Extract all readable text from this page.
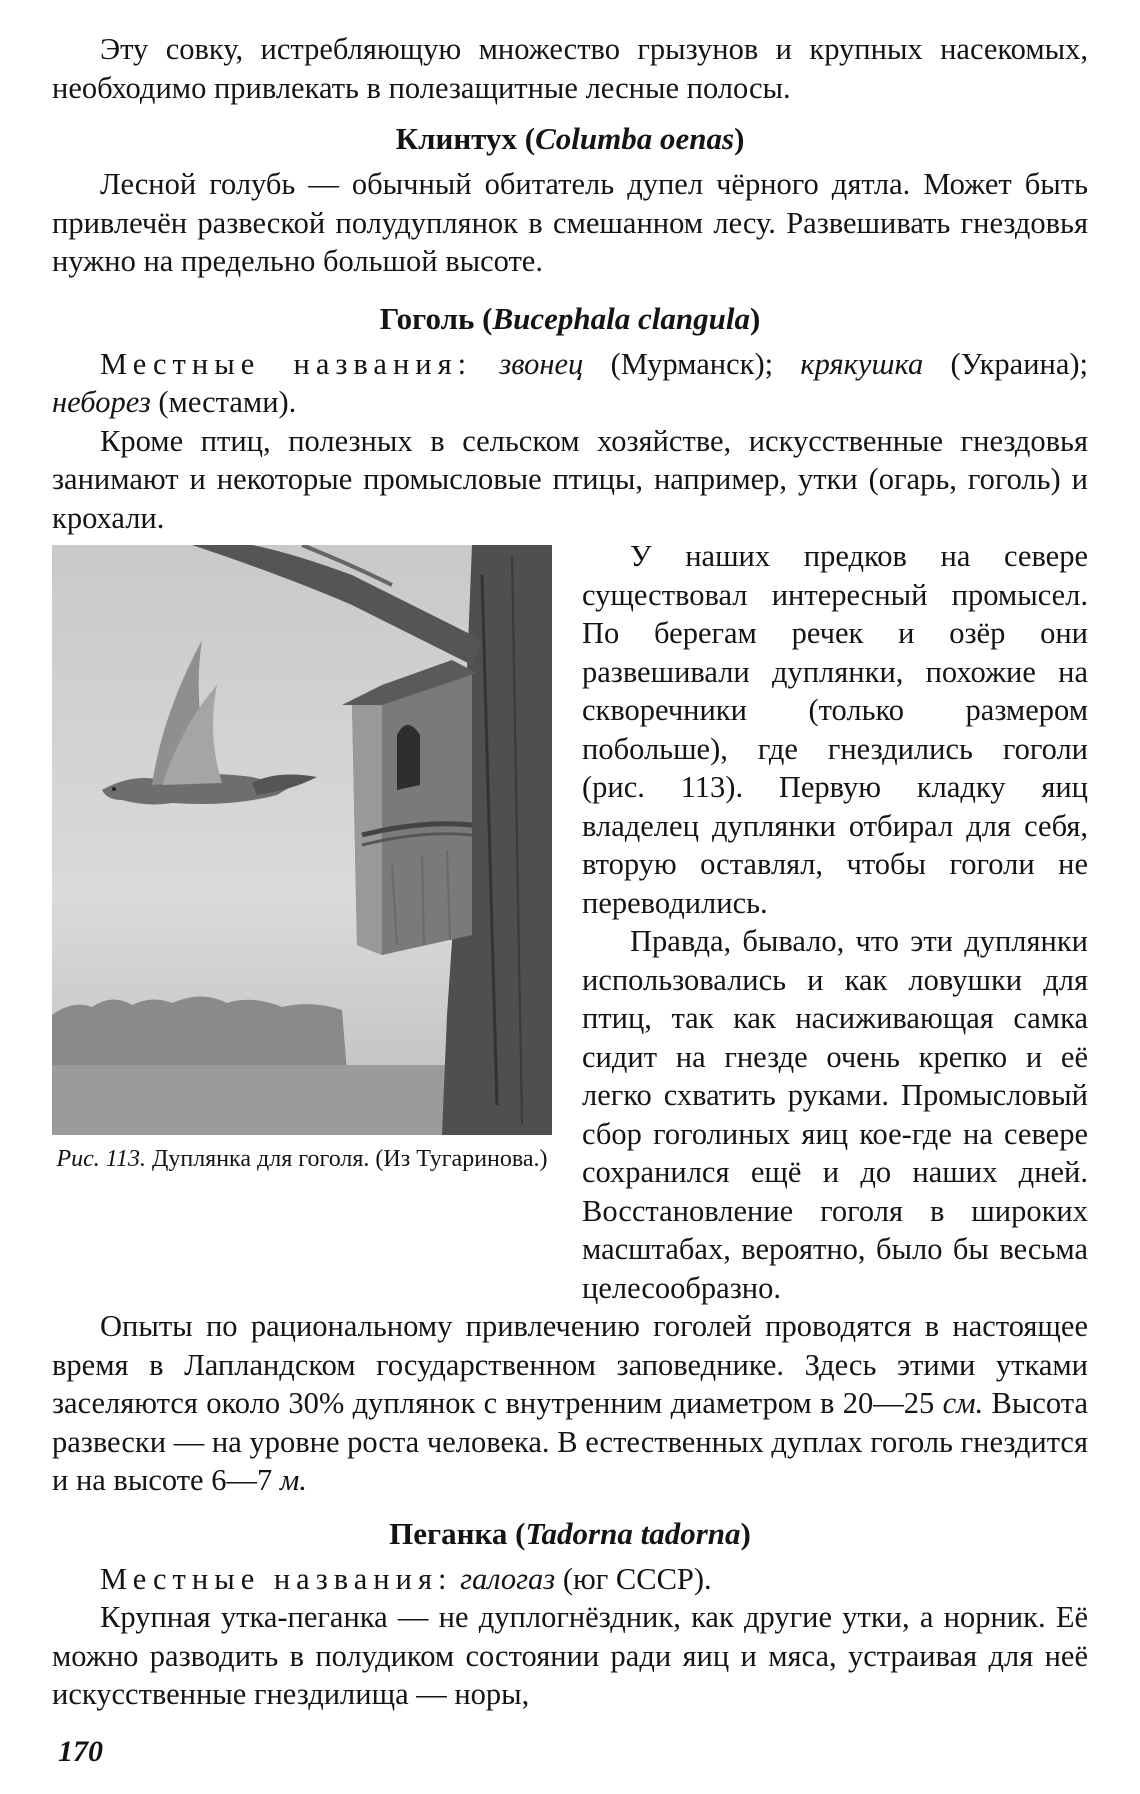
Эту совку, истребляющую множество грызунов и крупных насекомых, необходимо привлекать в полезащитные лесные полосы.

Клинтух (Columba oenas)

Лесной голубь — обычный обитатель дупел чёрного дятла. Может быть привлечён развеской полудуплянок в смешанном лесу. Развешивать гнездовья нужно на предельно большой высоте.

Гоголь (Bucephala clangula)

Местные названия: звонец (Мурманск); крякушка (Украина); неборез (местами).

Кроме птиц, полезных в сельском хозяйстве, искусственные гнездовья занимают и некоторые промысловые птицы, например, утки (огарь, гоголь) и крохали.

Рис. 113. Дуплянка для гоголя. (Из Тугаринова.)

У наших предков на севере существовал интересный промысел. По берегам речек и озёр они развешивали дуплянки, похожие на скворечники (только размером побольше), где гнездились гоголи (рис. 113). Первую кладку яиц владелец дуплянки отбирал для себя, вторую оставлял, чтобы гоголи не переводились.

Правда, бывало, что эти дуплянки использовались и как ловушки для птиц, так как насиживающая самка сидит на гнезде очень крепко и её легко схватить руками. Промысловый сбор гоголиных яиц кое-где на севере сохранился ещё и до наших дней. Восстановление гоголя в широких масштабах, вероятно, было бы весьма целесообразно.

Опыты по рациональному привлечению гоголей проводятся в настоящее время в Лапландском государственном заповеднике. Здесь этими утками заселяются около 30% дуплянок с внутренним диаметром в 20—25 см. Высота развески — на уровне роста человека. В естественных дуплах гоголь гнездится и на высоте 6—7 м.

Пеганка (Tadorna tadorna)

Местные названия: галогаз (юг СССР).

Крупная утка-пеганка — не дуплогнёздник, как другие утки, а норник. Её можно разводить в полудиком состоянии ради яиц и мяса, устраивая для неё искусственные гнездилища — норы,

170
